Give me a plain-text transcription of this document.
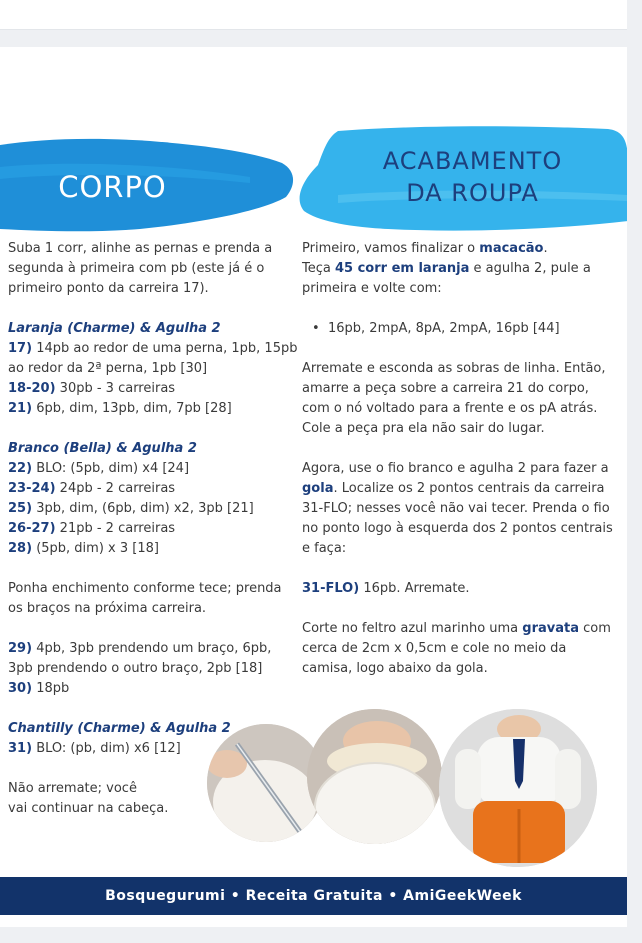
CORPO
ACABAMENTO
DA ROUPA
Suba 1 corr, alinhe as pernas e prenda a segunda à primeira com pb (este já é o primeiro ponto da carreira 17).
Laranja (Charme) & Agulha 2
17) 14pb ao redor de uma perna, 1pb, 15pb ao redor da 2ª perna, 1pb [30]
18-20) 30pb - 3 carreiras
21) 6pb, dim, 13pb, dim, 7pb [28]
Branco (Bella) & Agulha 2
22) BLO: (5pb, dim) x4 [24]
23-24) 24pb - 2 carreiras
25) 3pb, dim, (6pb, dim) x2, 3pb [21]
26-27) 21pb - 2 carreiras
28) (5pb, dim) x 3 [18]
Ponha enchimento conforme tece; prenda os braços na próxima carreira.
29) 4pb, 3pb prendendo um braço, 6pb, 3pb prendendo o outro braço, 2pb [18]
30) 18pb
Chantilly (Charme) & Agulha 2
31) BLO: (pb, dim) x6 [12]
Não arremate; você
vai continuar na cabeça.
Primeiro, vamos finalizar o macacão.
Teça 45 corr em laranja e agulha 2, pule a primeira e volte com:
• 16pb, 2mpA, 8pA, 2mpA, 16pb [44]
Arremate e esconda as sobras de linha. Então, amarre a peça sobre a carreira 21 do corpo, com o nó voltado para a frente e os pA atrás. Cole a peça pra ela não sair do lugar.
Agora, use o fio branco e agulha 2 para fazer a gola. Localize os 2 pontos centrais da carreira 31-FLO; nesses você não vai tecer. Prenda o fio no ponto logo à esquerda dos 2 pontos centrais e faça:
31-FLO) 16pb. Arremate.
Corte no feltro azul marinho uma gravata com cerca de 2cm x 0,5cm e cole no meio da camisa, logo abaixo da gola.
Bosquegurumi • Receita Gratuita • AmiGeekWeek
